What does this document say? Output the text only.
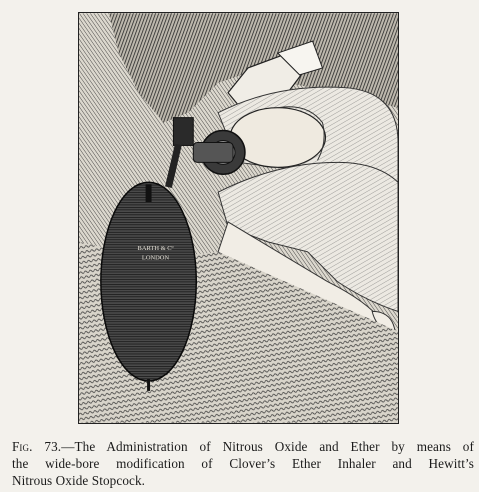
BARTH & Cº
LONDON

Fig. 73.—The Administration of Nitrous Oxide and Ether by means of the wide-bore modification of Clover’s Ether Inhaler and Hewitt’s Nitrous Oxide Stopcock.
